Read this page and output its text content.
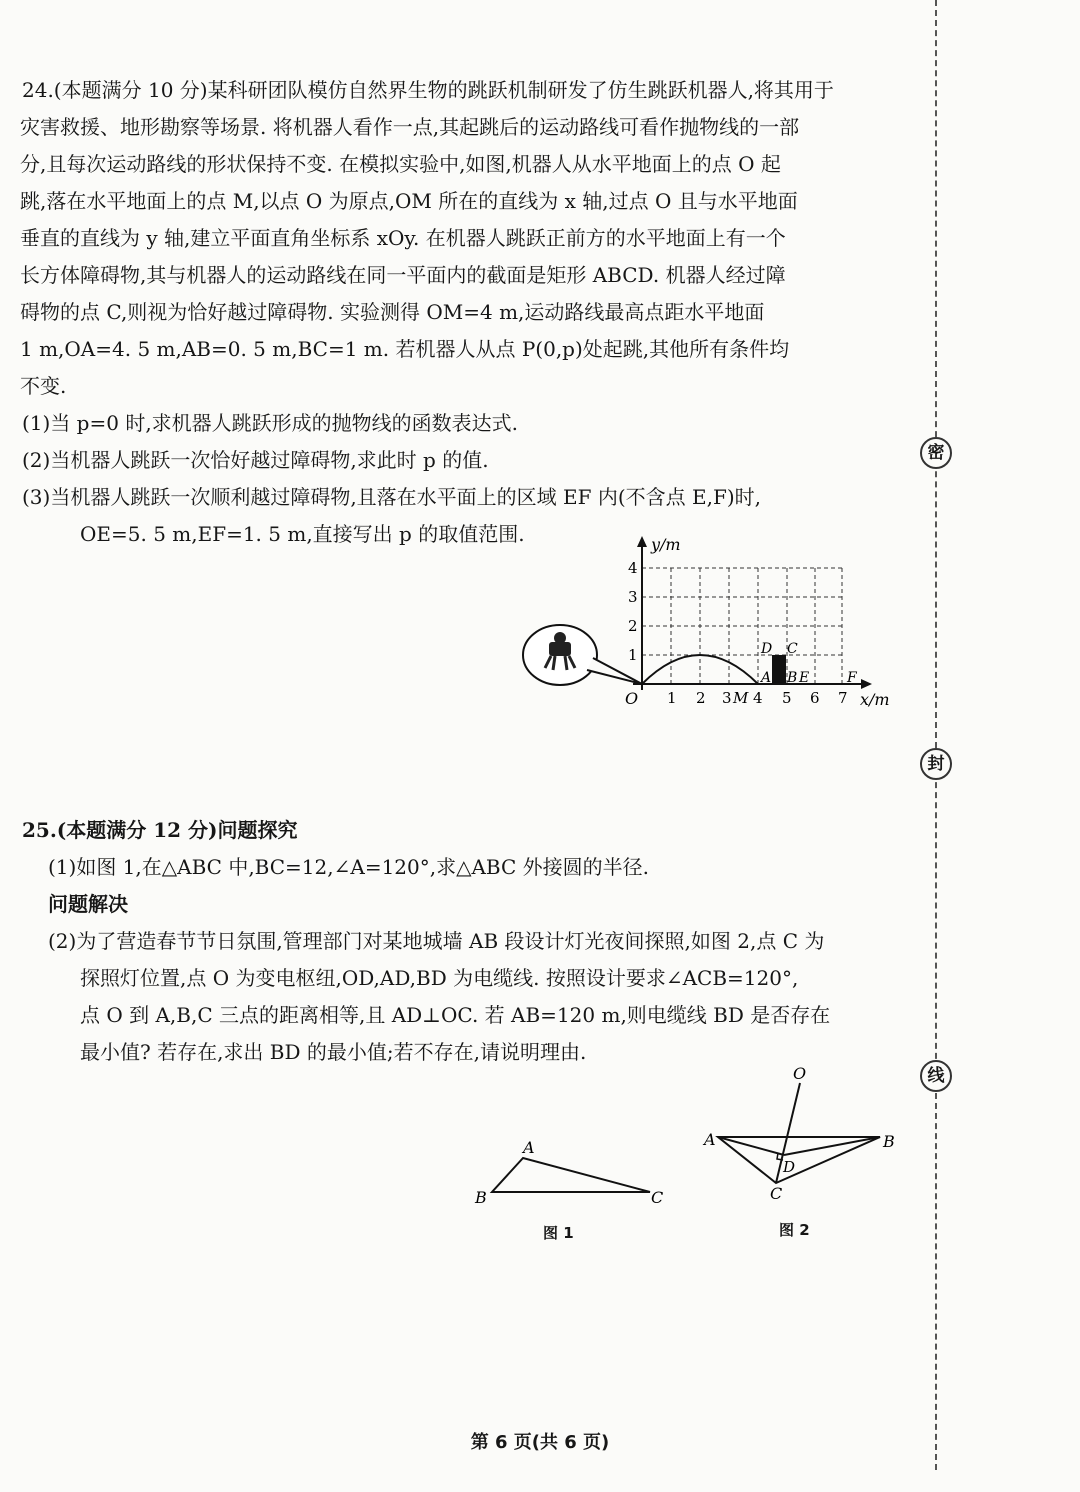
密
封
线

24.(本题满分 10 分)某科研团队模仿自然界生物的跳跃机制研发了仿生跳跃机器人,将其用于

灾害救援、地形勘察等场景. 将机器人看作一点,其起跳后的运动路线可看作抛物线的一部

分,且每次运动路线的形状保持不变. 在模拟实验中,如图,机器人从水平地面上的点 O 起

跳,落在水平地面上的点 M,以点 O 为原点,OM 所在的直线为 x 轴,过点 O 且与水平地面

垂直的直线为 y 轴,建立平面直角坐标系 xOy. 在机器人跳跃正前方的水平地面上有一个

长方体障碍物,其与机器人的运动路线在同一平面内的截面是矩形 ABCD. 机器人经过障

碍物的点 C,则视为恰好越过障碍物. 实验测得 OM=4 m,运动路线最高点距水平地面

1 m,OA=4. 5 m,AB=0. 5 m,BC=1 m. 若机器人从点 P(0,p)处起跳,其他所有条件均

不变.

(1)当 p=0 时,求机器人跳跃形成的抛物线的函数表达式.

(2)当机器人跳跃一次恰好越过障碍物,求此时 p 的值.

(3)当机器人跳跃一次顺利越过障碍物,且落在水平面上的区域 EF 内(不含点 E,F)时,

OE=5. 5 m,EF=1. 5 m,直接写出 p 的取值范围.	y/m
x/m
1
2
3
4
O 1 2 3 M 4 5 6 7
A B E	F
D C

25.(本题满分 12 分)问题探究

(1)如图 1,在△ABC 中,BC=12,∠A=120°,求△ABC 外接圆的半径.

问题解决

(2)为了营造春节节日氛围,管理部门对某地城墙 AB 段设计灯光夜间探照,如图 2,点 C 为

探照灯位置,点 O 为变电枢纽,OD,AD,BD 为电缆线. 按照设计要求∠ACB=120°,

点 O 到 A,B,C 三点的距离相等,且 AD⊥OC. 若 AB=120 m,则电缆线 BD 是否存在

最小值? 若存在,求出 BD 的最小值;若不存在,请说明理由.

A
B	C
图 1
O
A	B
D
C
图 2
第 6 页(共 6 页)
